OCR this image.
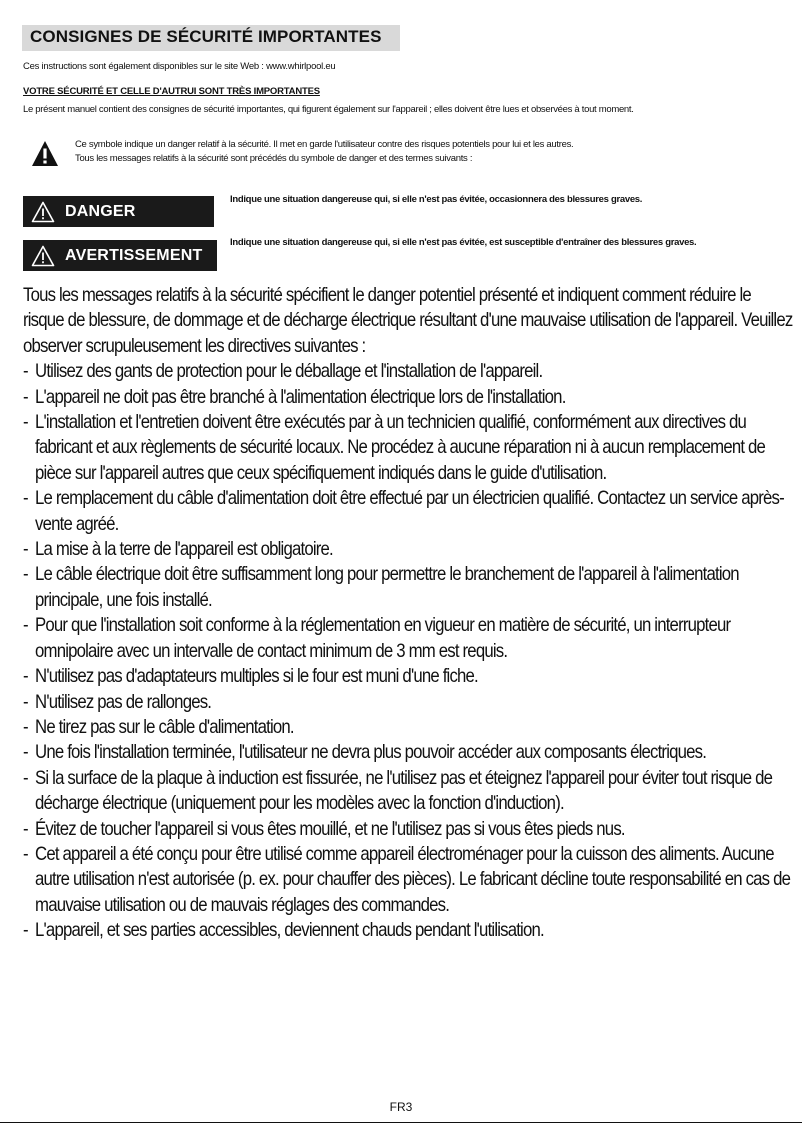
CONSIGNES DE SÉCURITÉ IMPORTANTES
Ces instructions sont également disponibles sur le site Web : www.whirlpool.eu
VOTRE SÉCURITÉ ET CELLE D'AUTRUI SONT TRÈS IMPORTANTES
Le présent manuel contient des consignes de sécurité importantes, qui figurent également sur l'appareil ; elles doivent être lues et observées à tout moment.
Ce symbole indique un danger relatif à la sécurité. Il met en garde l'utilisateur contre des risques potentiels pour lui et les autres.
Tous les messages relatifs à la sécurité sont précédés du symbole de danger et des termes suivants :
DANGER
Indique une situation dangereuse qui, si elle n'est pas évitée, occasionnera des blessures graves.
AVERTISSEMENT
Indique une situation dangereuse qui, si elle n'est pas évitée, est susceptible d'entraîner des blessures graves.

Tous les messages relatifs à la sécurité spécifient le danger potentiel présenté et indiquent comment réduire le risque de blessure, de dommage et de décharge électrique résultant d'une mauvaise utilisation de l'appareil. Veuillez observer scrupuleusement les directives suivantes :

- Utilisez des gants de protection pour le déballage et l'installation de l'appareil.
- L'appareil ne doit pas être branché à l'alimentation électrique lors de l'installation.
- L'installation et l'entretien doivent être exécutés par à un technicien qualifié, conformément aux directives du fabricant et aux règlements de sécurité locaux. Ne procédez à aucune réparation ni à aucun remplacement de pièce sur l'appareil autres que ceux spécifiquement indiqués dans le guide d'utilisation.
- Le remplacement du câble d'alimentation doit être effectué par un électricien qualifié. Contactez un service après-vente agréé.
- La mise à la terre de l'appareil est obligatoire.
- Le câble électrique doit être suffisamment long pour permettre le branchement de l'appareil à l'alimentation principale, une fois installé.
- Pour que l'installation soit conforme à la réglementation en vigueur en matière de sécurité, un interrupteur omnipolaire avec un intervalle de contact minimum de 3 mm est requis.
- N'utilisez pas d'adaptateurs multiples si le four est muni d'une fiche.
- N'utilisez pas de rallonges.
- Ne tirez pas sur le câble d'alimentation.
- Une fois l'installation terminée, l'utilisateur ne devra plus pouvoir accéder aux composants électriques.
- Si la surface de la plaque à induction est fissurée, ne l'utilisez pas et éteignez l'appareil pour éviter tout risque de décharge électrique (uniquement pour les modèles avec la fonction d'induction).
- Évitez de toucher l'appareil si vous êtes mouillé, et ne l'utilisez pas si vous êtes pieds nus.
- Cet appareil a été conçu pour être utilisé comme appareil électroménager pour la cuisson des aliments. Aucune autre utilisation n'est autorisée (p. ex. pour chauffer des pièces). Le fabricant décline toute responsabilité en cas de mauvaise utilisation ou de mauvais réglages des commandes.
- L'appareil, et ses parties accessibles, deviennent chauds pendant l'utilisation.
FR3
